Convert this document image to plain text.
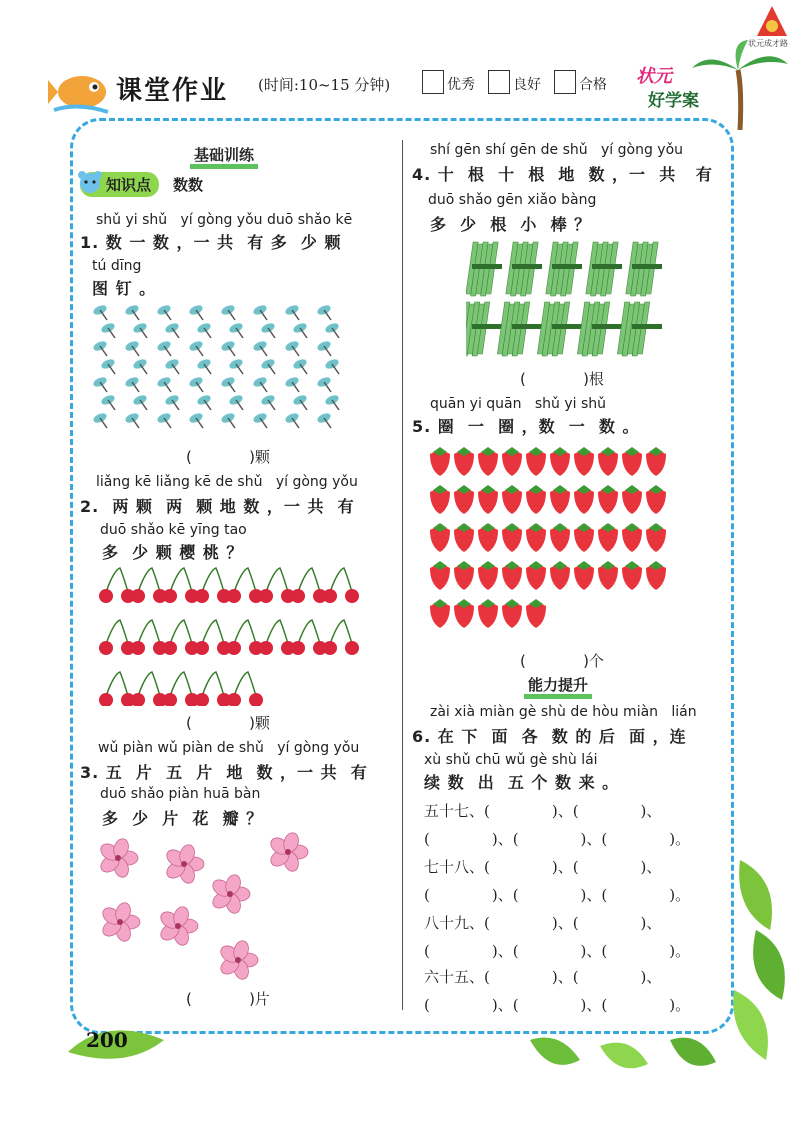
状元成才路
课堂作业 (时间:10~15 分钟)	优秀	良好	合格 状元
好学案
基础训练
知识点	数数
shǔ yi shǔ   yí gòng yǒu duō shǎo kē
1. 数 一 数 ，一 共  有 多  少 颗
tú dīng
图 钉 。
(            )颗
liǎng kē liǎng kē de shǔ   yí gòng yǒu
2.  两 颗  两  颗 地 数 ，一 共  有
duō shǎo kē yīng tao
多  少 颗 樱 桃 ？
(            )颗
wǔ piàn wǔ piàn de shǔ   yí gòng yǒu
3. 五  片  五  片  地  数 ，一 共  有
duō shǎo piàn huā bàn
多  少  片  花  瓣 ？
(            )片
shí gēn shí gēn de shǔ   yí gòng yǒu
4. 十  根  十  根  地  数 ，一  共   有
duō shǎo gēn xiǎo bàng
多  少  根  小  棒 ？
(            )根
quān yi quān   shǔ yi shǔ
5. 圈  一  圈 ，数  一  数 。
(            )个
能力提升
zài xià miàn gè shù de hòu miàn   lián
6. 在 下  面  各  数 的 后  面 ，连
xù shǔ chū wǔ gè shù lái
续 数  出  五 个 数 来 。
五十七、(             )、(             )、
(             )、(             )、(             )。
七十八、(             )、(             )、
(             )、(             )、(             )。
八十九、(             )、(             )、
(             )、(             )、(             )。
六十五、(             )、(             )、
(             )、(             )、(             )。
200
